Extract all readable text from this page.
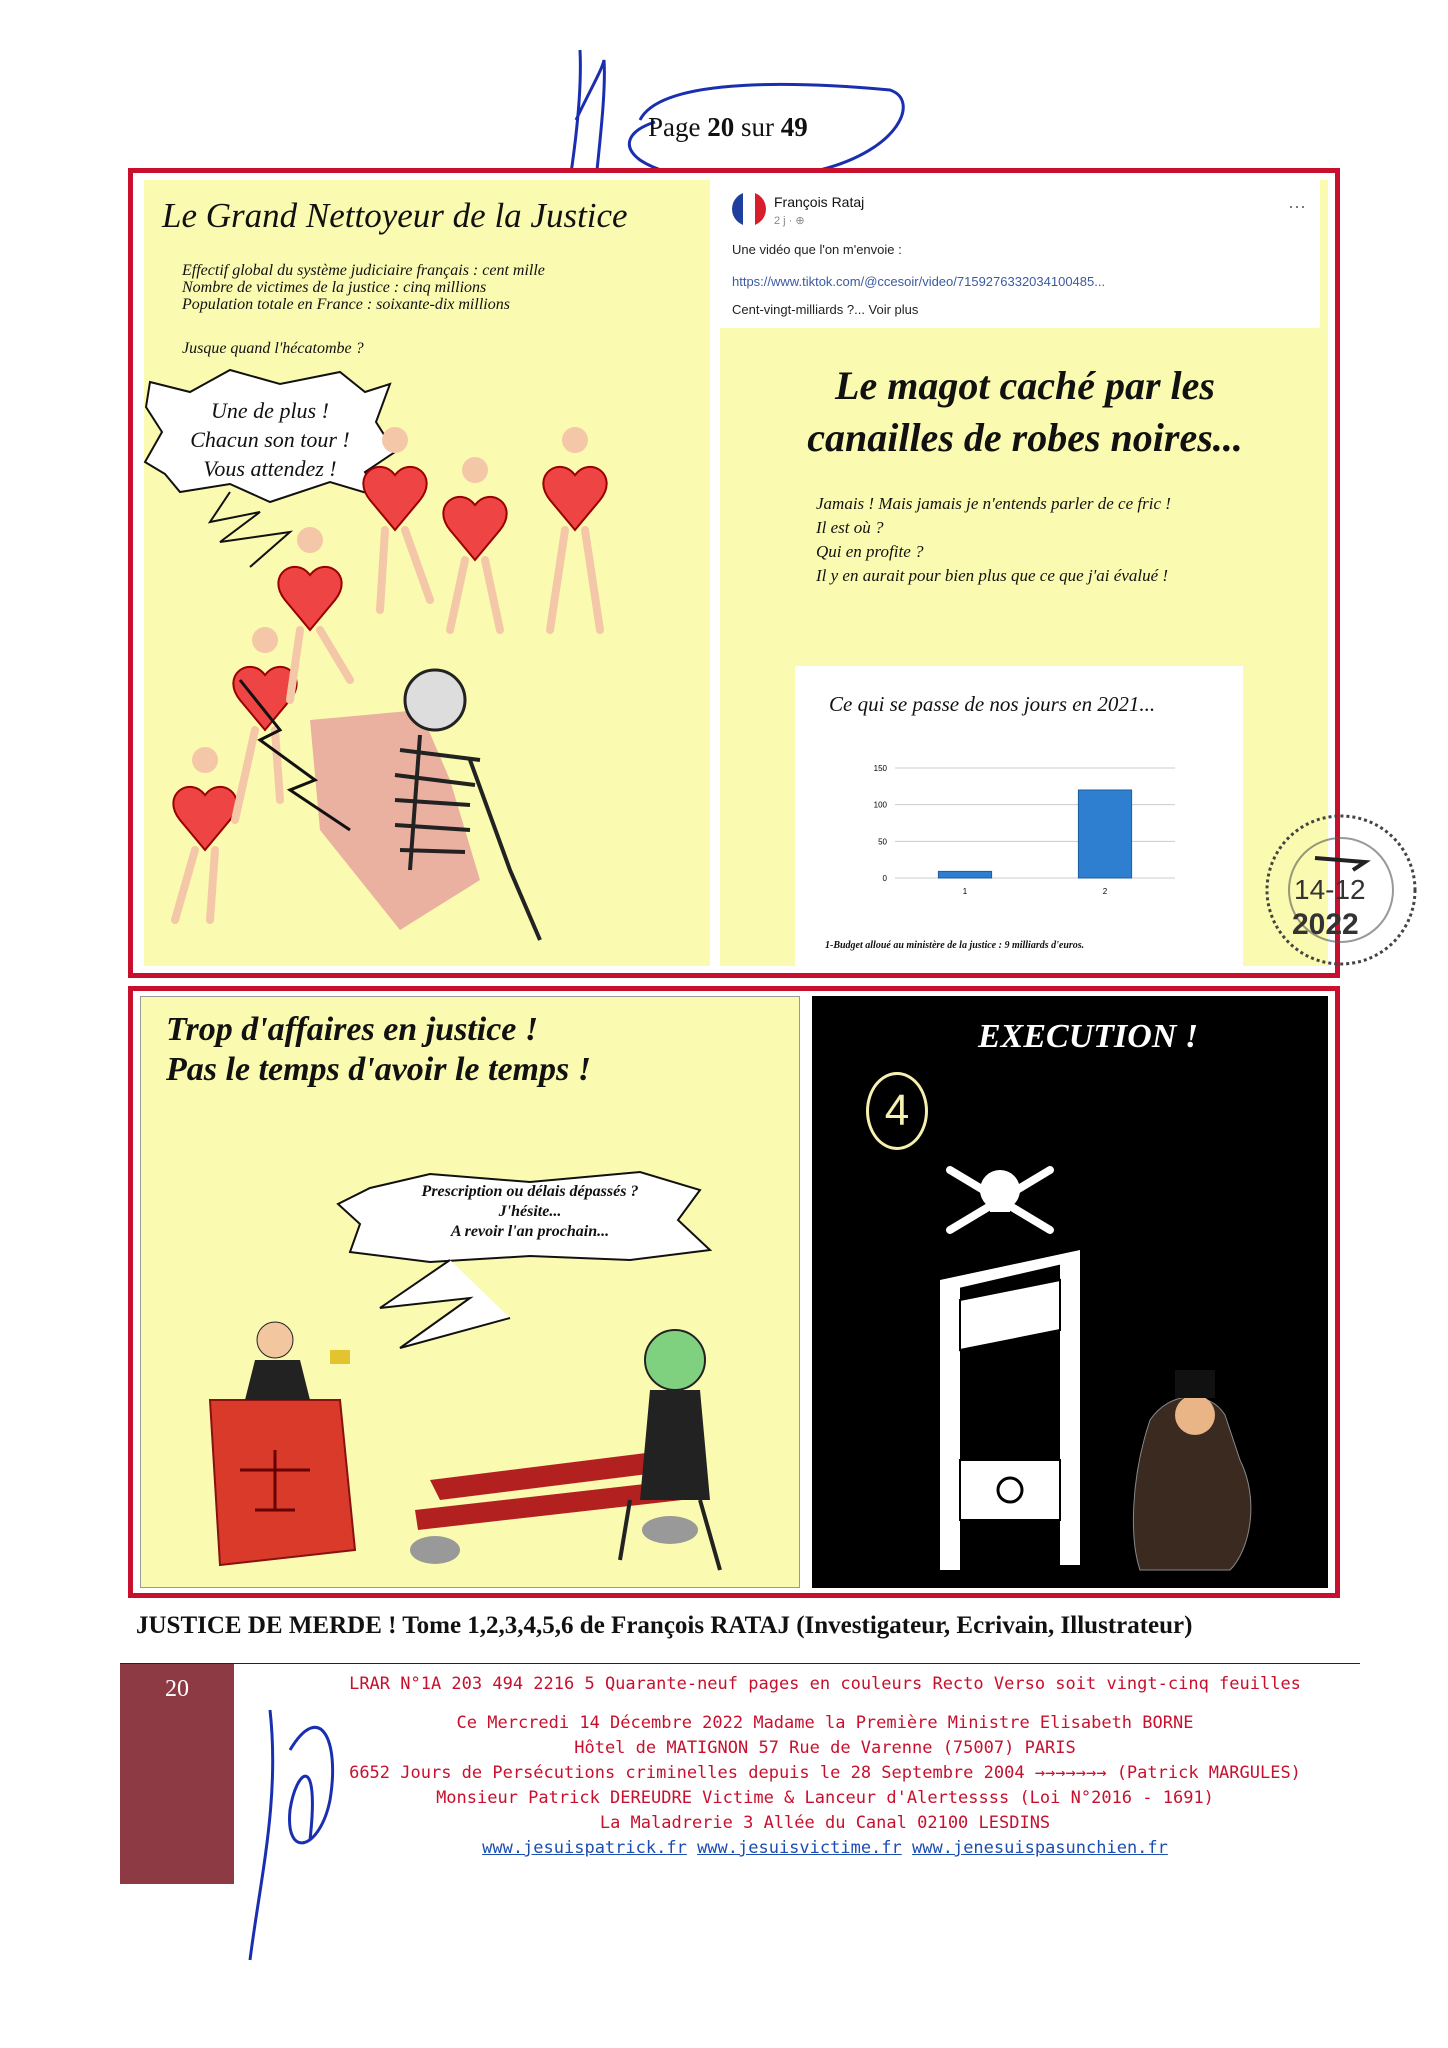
Page 20 sur 49
Le Grand Nettoyeur de la Justice
Effectif global du système judiciaire français : cent mille
Nombre de victimes de la justice : cinq millions
Population totale en France : soixante-dix millions
Jusque quand l'hécatombe ?
Une de plus !
Chacun son tour !
Vous attendez !
François Rataj
2 j · ⊕
···
Une vidéo que l'on m'envoie :
https://www.tiktok.com/@ccesoir/video/7159276332034100485...
Cent-vingt-milliards ?... Voir plus
Le magot caché par les
canailles de robes noires...
Jamais ! Mais jamais je n'entends parler de ce fric !
Il est où ?
Qui en profite ?
Il y en aurait pour bien plus que ce que j'ai évalué !
Ce qui se passe de nos jours en 2021...
0
50
100
150
1	2
1-Budget alloué au ministère de la justice : 9 milliards d'euros.
14-12
2022
Trop d'affaires en justice !
Pas le temps d'avoir le temps !
Prescription ou délais dépassés ?
J'hésite...
A revoir l'an prochain...
EXECUTION !
4
JUSTICE DE MERDE ! Tome 1,2,3,4,5,6 de François RATAJ (Investigateur, Ecrivain, Illustrateur)
20	LRAR N°1A 203 494 2216 5 Quarante-neuf pages en couleurs Recto Verso soit vingt-cinq feuilles
Ce Mercredi 14 Décembre 2022 Madame la Première Ministre Elisabeth BORNE
Hôtel de MATIGNON 57 Rue de Varenne (75007) PARIS
6652 Jours de Persécutions criminelles depuis le 28 Septembre 2004 →→→→→→→ (Patrick MARGULES)
Monsieur Patrick DEREUDRE Victime & Lanceur d'Alertessss (Loi N°2016 - 1691)
La Maladrerie 3 Allée du Canal 02100 LESDINS
www.jesuispatrick.fr www.jesuisvictime.fr www.jenesuispasunchien.fr
